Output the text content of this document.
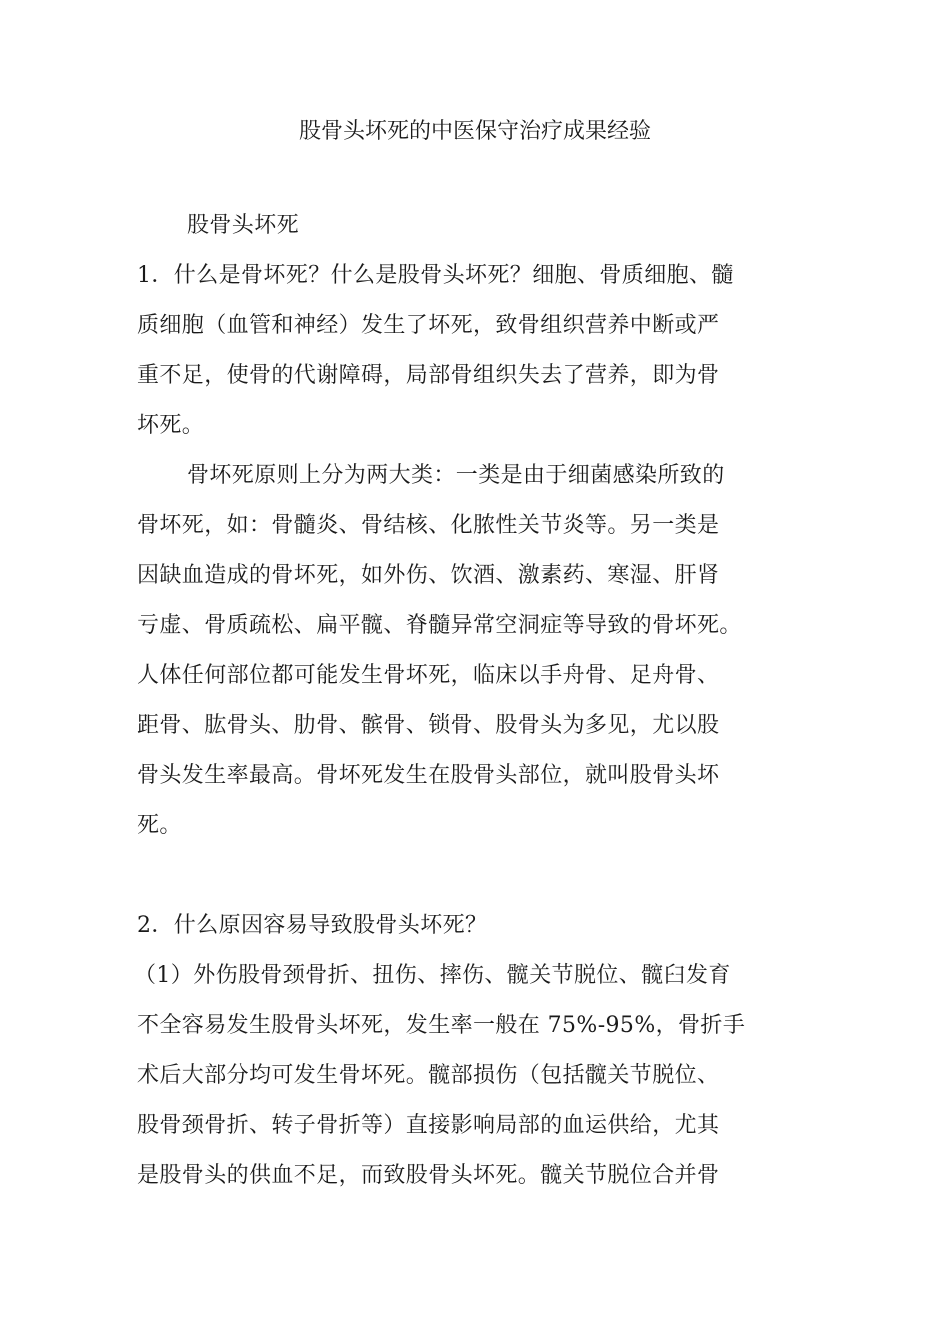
股骨头坏死的中医保守治疗成果经验
股骨头坏死
1．什么是骨坏死？什么是股骨头坏死？细胞、骨质细胞、髓
质细胞（血管和神经）发生了坏死，致骨组织营养中断或严
重不足，使骨的代谢障碍，局部骨组织失去了营养，即为骨
坏死。
骨坏死原则上分为两大类：一类是由于细菌感染所致的
骨坏死，如：骨髓炎、骨结核、化脓性关节炎等。另一类是
因缺血造成的骨坏死，如外伤、饮酒、激素药、寒湿、肝肾
亏虚、骨质疏松、扁平髋、脊髓异常空洞症等导致的骨坏死。
人体任何部位都可能发生骨坏死，临床以手舟骨、足舟骨、
距骨、肱骨头、肋骨、髌骨、锁骨、股骨头为多见，尤以股
骨头发生率最高。骨坏死发生在股骨头部位，就叫股骨头坏
死。
2．什么原因容易导致股骨头坏死？
（1）外伤股骨颈骨折、扭伤、摔伤、髋关节脱位、髋臼发育
不全容易发生股骨头坏死，发生率一般在 75%-95%，骨折手
术后大部分均可发生骨坏死。髋部损伤（包括髋关节脱位、
股骨颈骨折、转子骨折等）直接影响局部的血运供给，尤其
是股骨头的供血不足，而致股骨头坏死。髋关节脱位合并骨
